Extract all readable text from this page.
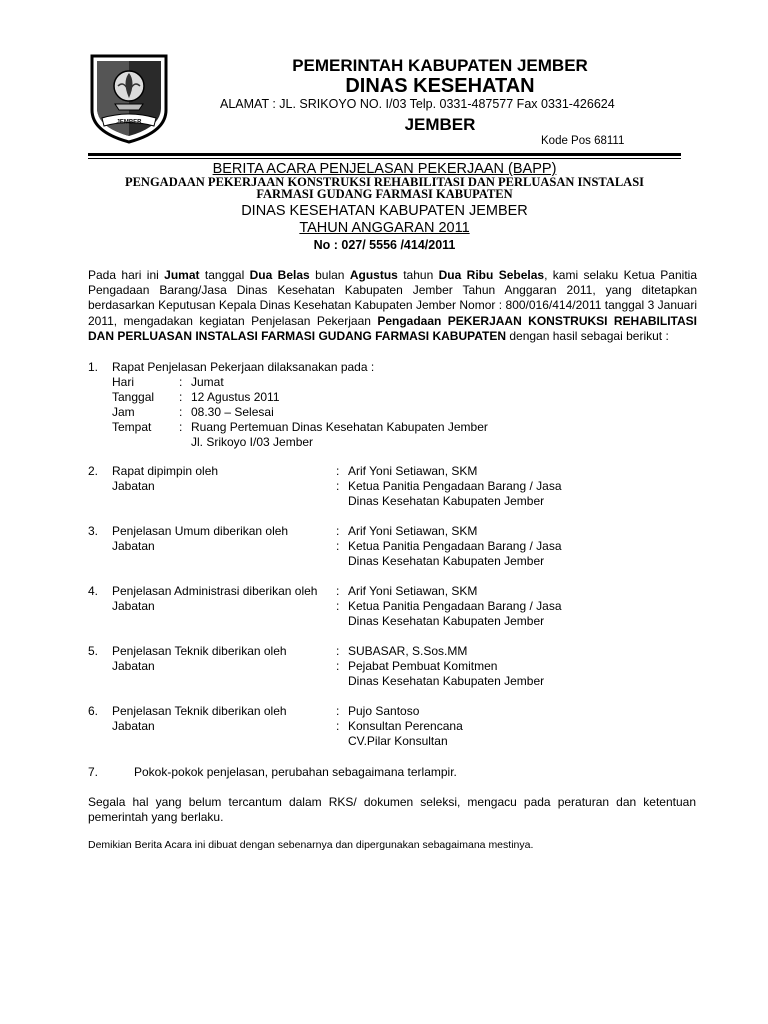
JEMBER
PEMERINTAH KABUPATEN JEMBER
DINAS KESEHATAN
ALAMAT : JL. SRIKOYO NO. I/03 Telp. 0331-487577 Fax 0331-426624
JEMBER
Kode Pos 68111
BERITA ACARA PENJELASAN PEKERJAAN (BAPP)
PENGADAAN PEKERJAAN KONSTRUKSI REHABILITASI DAN PERLUASAN INSTALASI
FARMASI GUDANG FARMASI KABUPATEN
DINAS KESEHATAN KABUPATEN JEMBER
TAHUN ANGGARAN 2011
No : 027/ 5556 /414/2011
Pada hari ini Jumat tanggal Dua Belas bulan Agustus tahun Dua Ribu Sebelas, kami selaku Ketua Panitia Pengadaan Barang/Jasa Dinas Kesehatan Kabupaten Jember Tahun Anggaran 2011, yang ditetapkan berdasarkan Keputusan Kepala Dinas Kesehatan Kabupaten Jember Nomor : 800/016/414/2011 tanggal 3 Januari 2011, mengadakan kegiatan Penjelasan Pekerjaan Pengadaan PEKERJAAN KONSTRUKSI REHABILITASI DAN PERLUASAN INSTALASI FARMASI GUDANG FARMASI KABUPATEN dengan hasil sebagai berikut :
1. Rapat Penjelasan Pekerjaan dilaksanakan pada :
Hari	: Jumat
Tanggal : 12 Agustus 2011
Jam	: 08.30 – Selesai
Tempat : Ruang Pertemuan Dinas Kesehatan Kabupaten Jember
Jl. Srikoyo I/03 Jember
2. Rapat dipimpin oleh	: Arif Yoni Setiawan, SKM
Jabatan	: Ketua Panitia Pengadaan Barang / Jasa
Dinas Kesehatan Kabupaten Jember
3. Penjelasan Umum diberikan oleh	: Arif Yoni Setiawan, SKM
Jabatan	: Ketua Panitia Pengadaan Barang / Jasa
Dinas Kesehatan Kabupaten Jember
4. Penjelasan Administrasi diberikan oleh : Arif Yoni Setiawan, SKM
Jabatan	: Ketua Panitia Pengadaan Barang / Jasa
Dinas Kesehatan Kabupaten Jember
5. Penjelasan Teknik diberikan oleh	: SUBASAR, S.Sos.MM
Jabatan	: Pejabat Pembuat Komitmen
Dinas Kesehatan Kabupaten Jember
6. Penjelasan Teknik diberikan oleh	: Pujo Santoso
Jabatan	: Konsultan Perencana
CV.Pilar Konsultan
7.	Pokok-pokok penjelasan, perubahan sebagaimana terlampir.
Segala hal yang belum tercantum dalam RKS/ dokumen seleksi, mengacu pada peraturan dan ketentuan pemerintah yang berlaku.
Demikian Berita Acara ini dibuat dengan sebenarnya dan dipergunakan sebagaimana mestinya.
